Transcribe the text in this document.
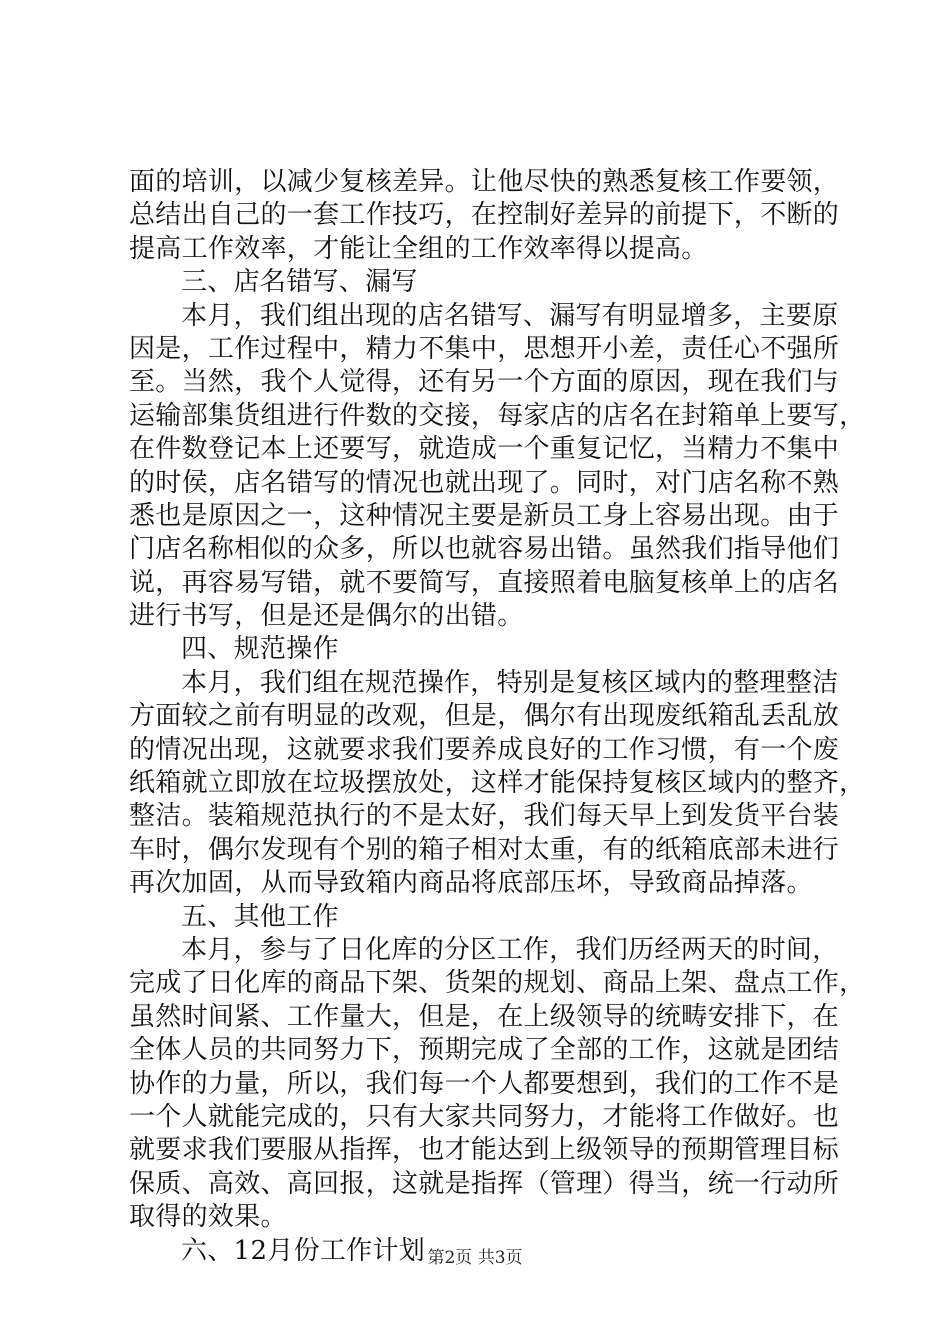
面的培训，以减少复核差异。让他尽快的熟悉复核工作要领，
总结出自己的一套工作技巧，在控制好差异的前提下，不断的
提高工作效率，才能让全组的工作效率得以提高。
三、店名错写、漏写
本月，我们组出现的店名错写、漏写有明显增多，主要原
因是，工作过程中，精力不集中，思想开小差，责任心不强所
至。当然，我个人觉得，还有另一个方面的原因，现在我们与
运输部集货组进行件数的交接，每家店的店名在封箱单上要写，
在件数登记本上还要写，就造成一个重复记忆，当精力不集中
的时侯，店名错写的情况也就出现了。同时，对门店名称不熟
悉也是原因之一，这种情况主要是新员工身上容易出现。由于
门店名称相似的众多，所以也就容易出错。虽然我们指导他们
说，再容易写错，就不要简写，直接照着电脑复核单上的店名
进行书写，但是还是偶尔的出错。
四、规范操作
本月，我们组在规范操作，特别是复核区域内的整理整洁
方面较之前有明显的改观，但是，偶尔有出现废纸箱乱丢乱放
的情况出现，这就要求我们要养成良好的工作习惯，有一个废
纸箱就立即放在垃圾摆放处，这样才能保持复核区域内的整齐，
整洁。装箱规范执行的不是太好，我们每天早上到发货平台装
车时，偶尔发现有个别的箱子相对太重，有的纸箱底部未进行
再次加固，从而导致箱内商品将底部压坏，导致商品掉落。
五、其他工作
本月，参与了日化库的分区工作，我们历经两天的时间，
完成了日化库的商品下架、货架的规划、商品上架、盘点工作，
虽然时间紧、工作量大，但是，在上级领导的统畴安排下，在
全体人员的共同努力下，预期完成了全部的工作，这就是团结
协作的力量，所以，我们每一个人都要想到，我们的工作不是
一个人就能完成的，只有大家共同努力，才能将工作做好。也
就要求我们要服从指挥，也才能达到上级领导的预期管理目标
保质、高效、高回报，这就是指挥（管理）得当，统一行动所
取得的效果。
六、12月份工作计划 第2页 共3页
